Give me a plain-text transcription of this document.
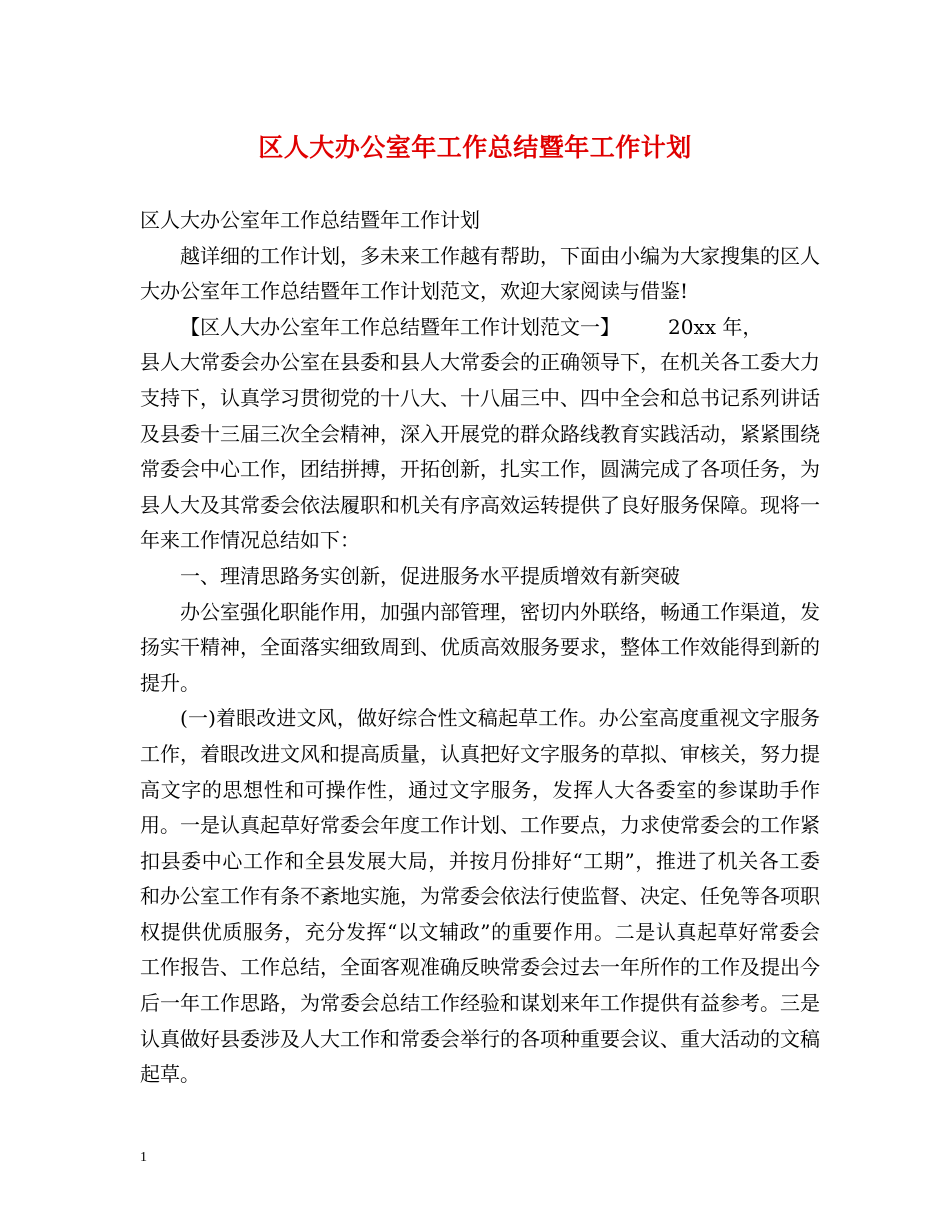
区人大办公室年工作总结暨年工作计划

区人大办公室年工作总结暨年工作计划

越详细的工作计划，多未来工作越有帮助，下面由小编为大家搜集的区人大办公室年工作总结暨年工作计划范文，欢迎大家阅读与借鉴!

【区人大办公室年工作总结暨年工作计划范文一】 20xx 年，

县人大常委会办公室在县委和县人大常委会的正确领导下，在机关各工委大力支持下，认真学习贯彻党的十八大、十八届三中、四中全会和总书记系列讲话及县委十三届三次全会精神，深入开展党的群众路线教育实践活动，紧紧围绕常委会中心工作，团结拼搏，开拓创新，扎实工作，圆满完成了各项任务，为县人大及其常委会依法履职和机关有序高效运转提供了良好服务保障。现将一年来工作情况总结如下：

一、理清思路务实创新，促进服务水平提质增效有新突破

办公室强化职能作用，加强内部管理，密切内外联络，畅通工作渠道，发扬实干精神，全面落实细致周到、优质高效服务要求，整体工作效能得到新的提升。

(一)着眼改进文风，做好综合性文稿起草工作。办公室高度重视文字服务工作，着眼改进文风和提高质量，认真把好文字服务的草拟、审核关，努力提高文字的思想性和可操作性，通过文字服务，发挥人大各委室的参谋助手作用。一是认真起草好常委会年度工作计划、工作要点，力求使常委会的工作紧扣县委中心工作和全县发展大局，并按月份排好“工期”，推进了机关各工委和办公室工作有条不紊地实施，为常委会依法行使监督、决定、任免等各项职权提供优质服务，充分发挥“以文辅政”的重要作用。二是认真起草好常委会工作报告、工作总结，全面客观准确反映常委会过去一年所作的工作及提出今后一年工作思路，为常委会总结工作经验和谋划来年工作提供有益参考。三是认真做好县委涉及人大工作和常委会举行的各项种重要会议、重大活动的文稿起草。

1
